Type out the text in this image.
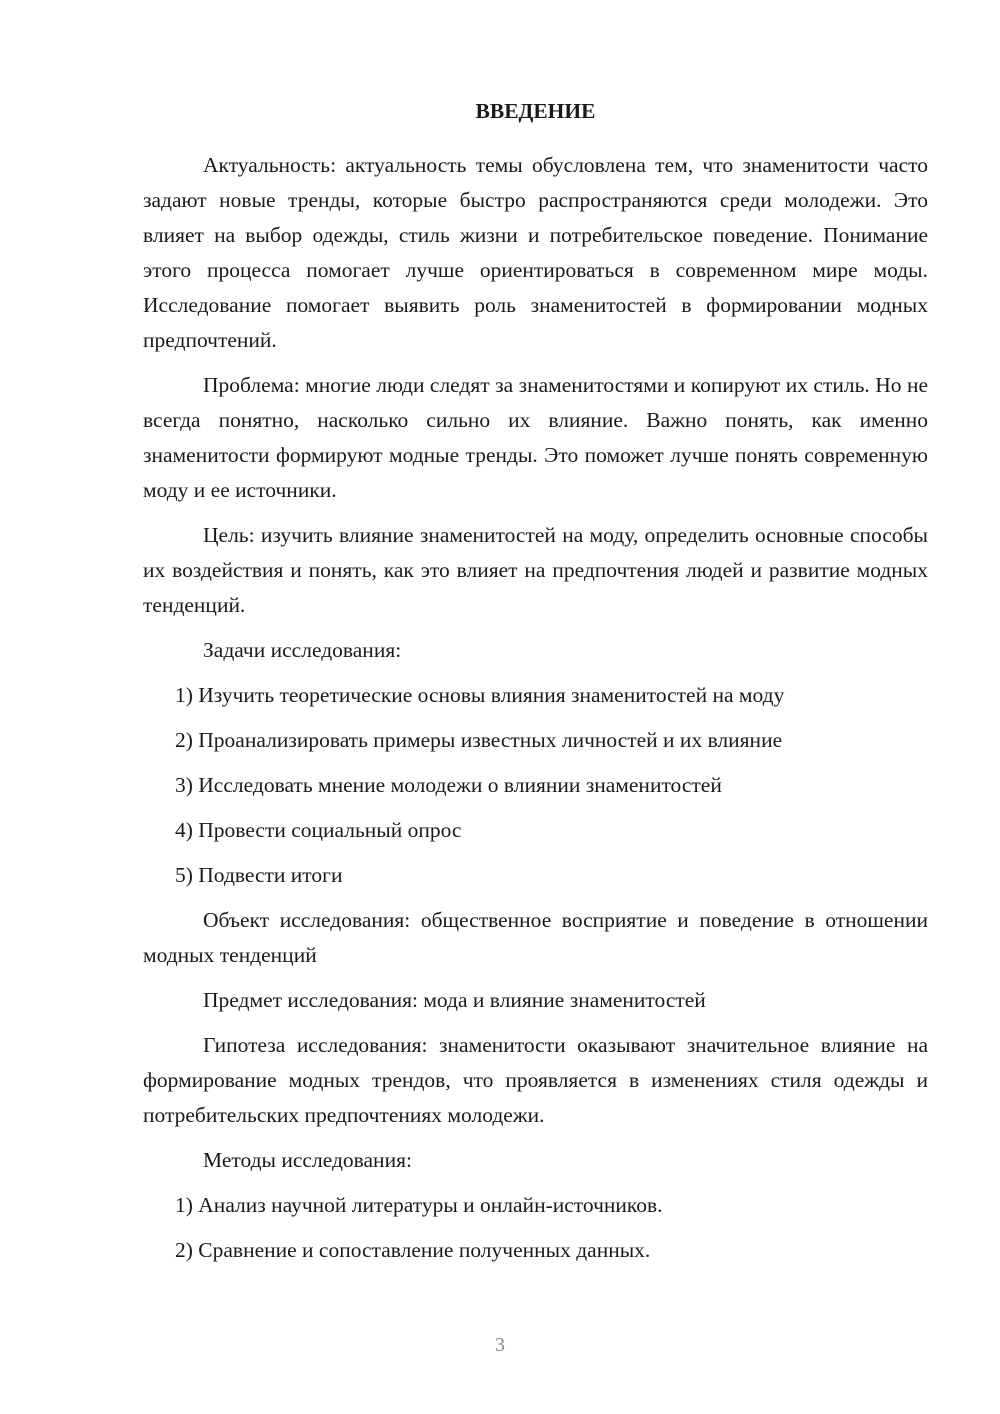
ВВЕДЕНИЕ

Актуальность: актуальность темы обусловлена тем, что знаменитости часто задают новые тренды, которые быстро распространяются среди молодежи. Это влияет на выбор одежды, стиль жизни и потребительское поведение. Понимание этого процесса помогает лучше ориентироваться в современном мире моды. Исследование помогает выявить роль знаменитостей в формировании модных предпочтений.

Проблема: многие люди следят за знаменитостями и копируют их стиль. Но не всегда понятно, насколько сильно их влияние. Важно понять, как именно знаменитости формируют модные тренды. Это поможет лучше понять современную моду и ее источники.

Цель: изучить влияние знаменитостей на моду, определить основные способы их воздействия и понять, как это влияет на предпочтения людей и развитие модных тенденций.

Задачи исследования:

1) Изучить теоретические основы влияния знаменитостей на моду
2) Проанализировать примеры известных личностей и их влияние
3) Исследовать мнение молодежи о влиянии знаменитостей
4) Провести социальный опрос
5) Подвести итоги

Объект исследования: общественное восприятие и поведение в отношении модных тенденций

Предмет исследования: мода и влияние знаменитостей

Гипотеза исследования: знаменитости оказывают значительное влияние на формирование модных трендов, что проявляется в изменениях стиля одежды и потребительских предпочтениях молодежи.

Методы исследования:

1) Анализ научной литературы и онлайн-источников.
2) Сравнение и сопоставление полученных данных.
3
